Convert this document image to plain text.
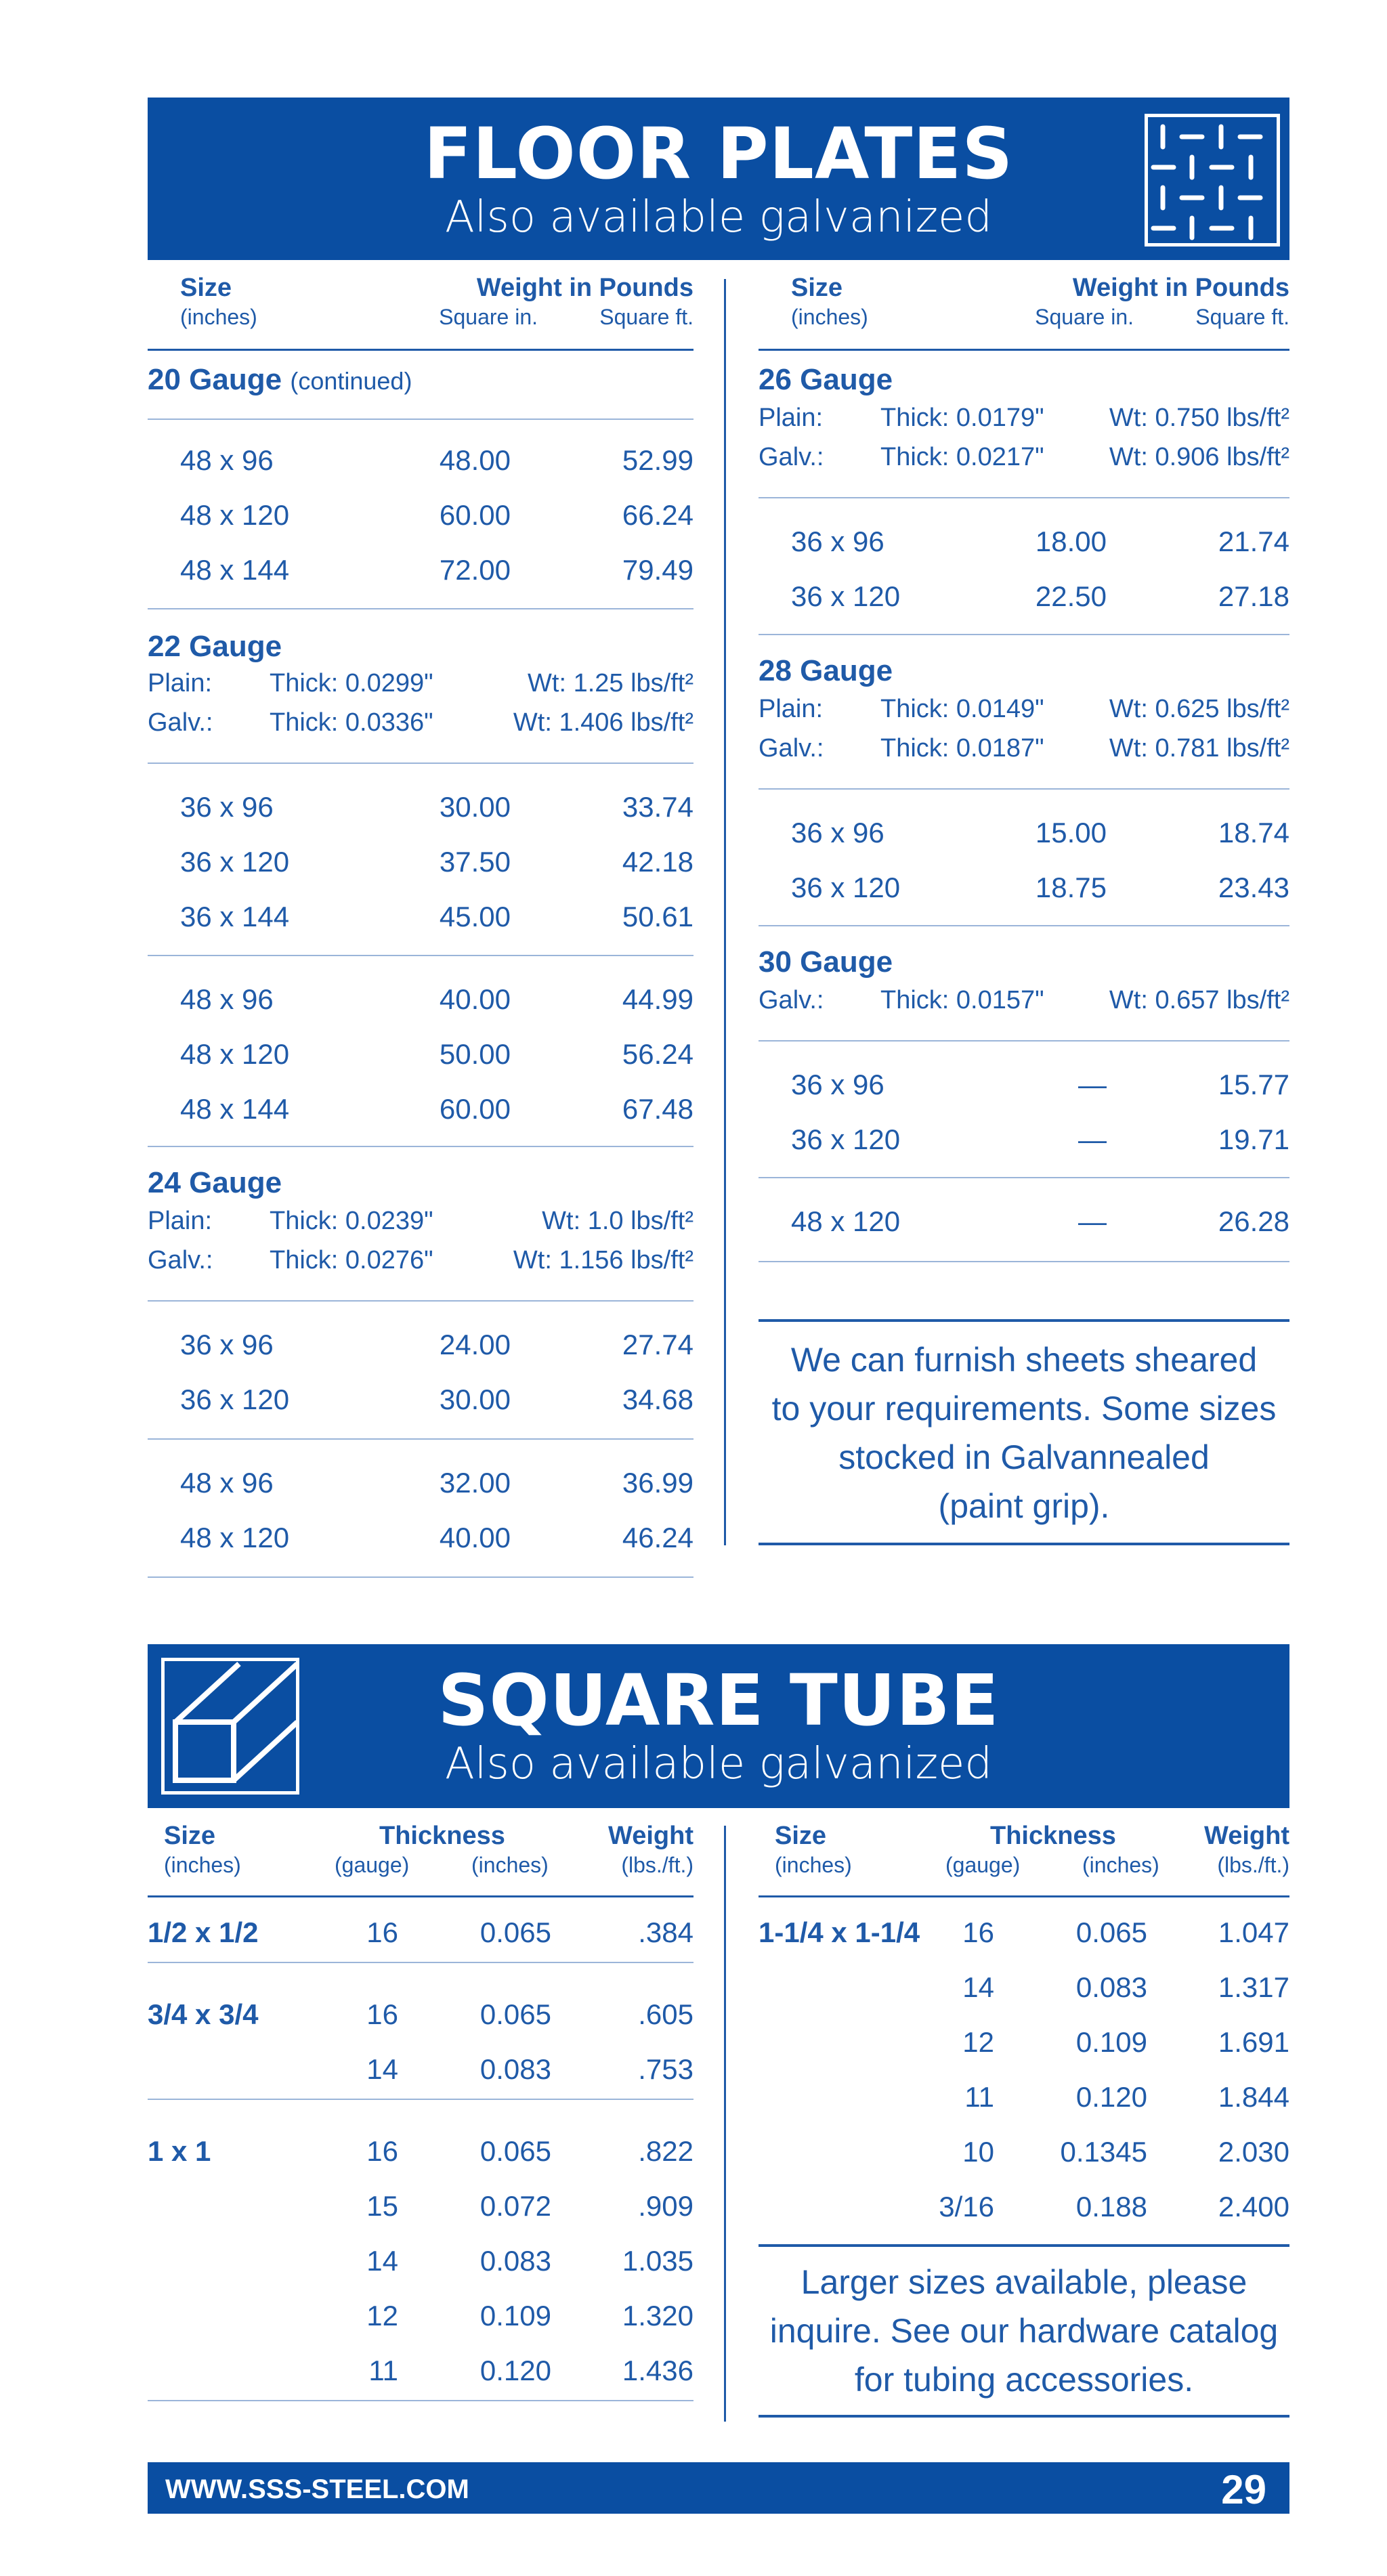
FLOOR PLATES
Also available galvanized
Size
(inches)
Weight in Pounds
Square in.	Square ft.
Size
(inches)
Weight in Pounds
Square in.	Square ft.
20 Gauge (continued)
48 x 96	48.00	52.99
48 x 120	60.00	66.24
48 x 144	72.00	79.49
22 Gauge
Plain: Thick: 0.0299"	Wt: 1.25 lbs/ft²
Galv.: Thick: 0.0336"	Wt: 1.406 lbs/ft²
36 x 96	30.00	33.74
36 x 120	37.50	42.18
36 x 144	45.00	50.61
48 x 96	40.00	44.99
48 x 120	50.00	56.24
48 x 144	60.00	67.48
24 Gauge
Plain: Thick: 0.0239"	Wt: 1.0 lbs/ft²
Galv.: Thick: 0.0276"	Wt: 1.156 lbs/ft²
36 x 96	24.00	27.74
36 x 120	30.00	34.68
48 x 96	32.00	36.99
48 x 120	40.00	46.24
26 Gauge
Plain: Thick: 0.0179"	Wt: 0.750 lbs/ft²
Galv.: Thick: 0.0217"	Wt: 0.906 lbs/ft²
36 x 96	18.00	21.74
36 x 120	22.50	27.18
28 Gauge
Plain: Thick: 0.0149"	Wt: 0.625 lbs/ft²
Galv.: Thick: 0.0187"	Wt: 0.781 lbs/ft²
36 x 96	15.00	18.74
36 x 120	18.75	23.43
30 Gauge
Galv.: Thick: 0.0157"	Wt: 0.657 lbs/ft²
36 x 96	—	15.77
36 x 120	—	19.71
48 x 120	—	26.28
We can furnish sheets sheared
to your requirements. Some sizes
stocked in Galvannealed
(paint grip).
SQUARE TUBE
Also available galvanized
Size
(inches)
Thickness
(gauge)	(inches)
Weight
(lbs./ft.)
Size
(inches)
Thickness
(gauge)	(inches)
Weight
(lbs./ft.)
1/2 x 1/2	16	0.065	.384
3/4 x 3/4	16	0.065	.605
14	0.083	.753
1 x 1	16	0.065	.822
15	0.072	.909
14	0.083 1.035
12	0.109 1.320
11	0.120 1.436
1-1/4 x 1-1/4 16	0.065 1.047
14	0.083 1.317
12	0.109 1.691
11	0.120 1.844
10 0.1345 2.030
3/16	0.188 2.400
Larger sizes available, please
inquire. See our hardware catalog
for tubing accessories.
WWW.SSS-STEEL.COM	29
